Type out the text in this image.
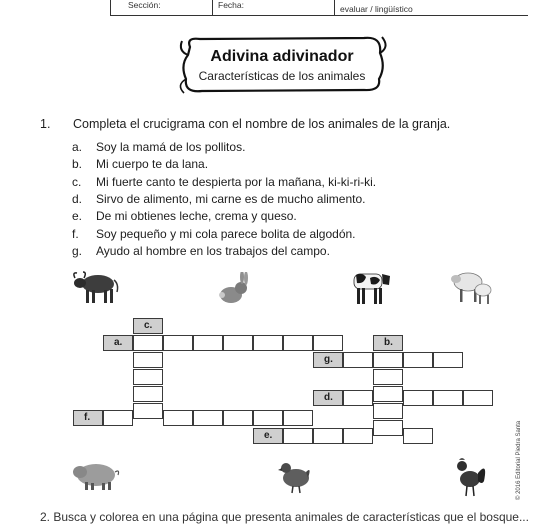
Sección:	Fecha:	evaluar / lingüístico
Adivina adivinador
Características de los animales
1. Completa el crucigrama con el nombre de los animales de la granja.
a. Soy la mamá de los pollitos.
b. Mi cuerpo te da lana.
c. Mi fuerte canto te despierta por la mañana, ki-ki-ri-ki.
d. Sirvo de alimento, mi carne es de mucho alimento.
e. De mi obtienes leche, crema y queso.
f. Soy pequeño y mi cola parece bolita de algodón.
g. Ayudo al hombre en los trabajos del campo.
c.
a.	b.
g.
d.
f.
e.	© 2016 Editorial Piedra Santa
2. Busca y colorea en una página que presenta animales de características que el bosque...
